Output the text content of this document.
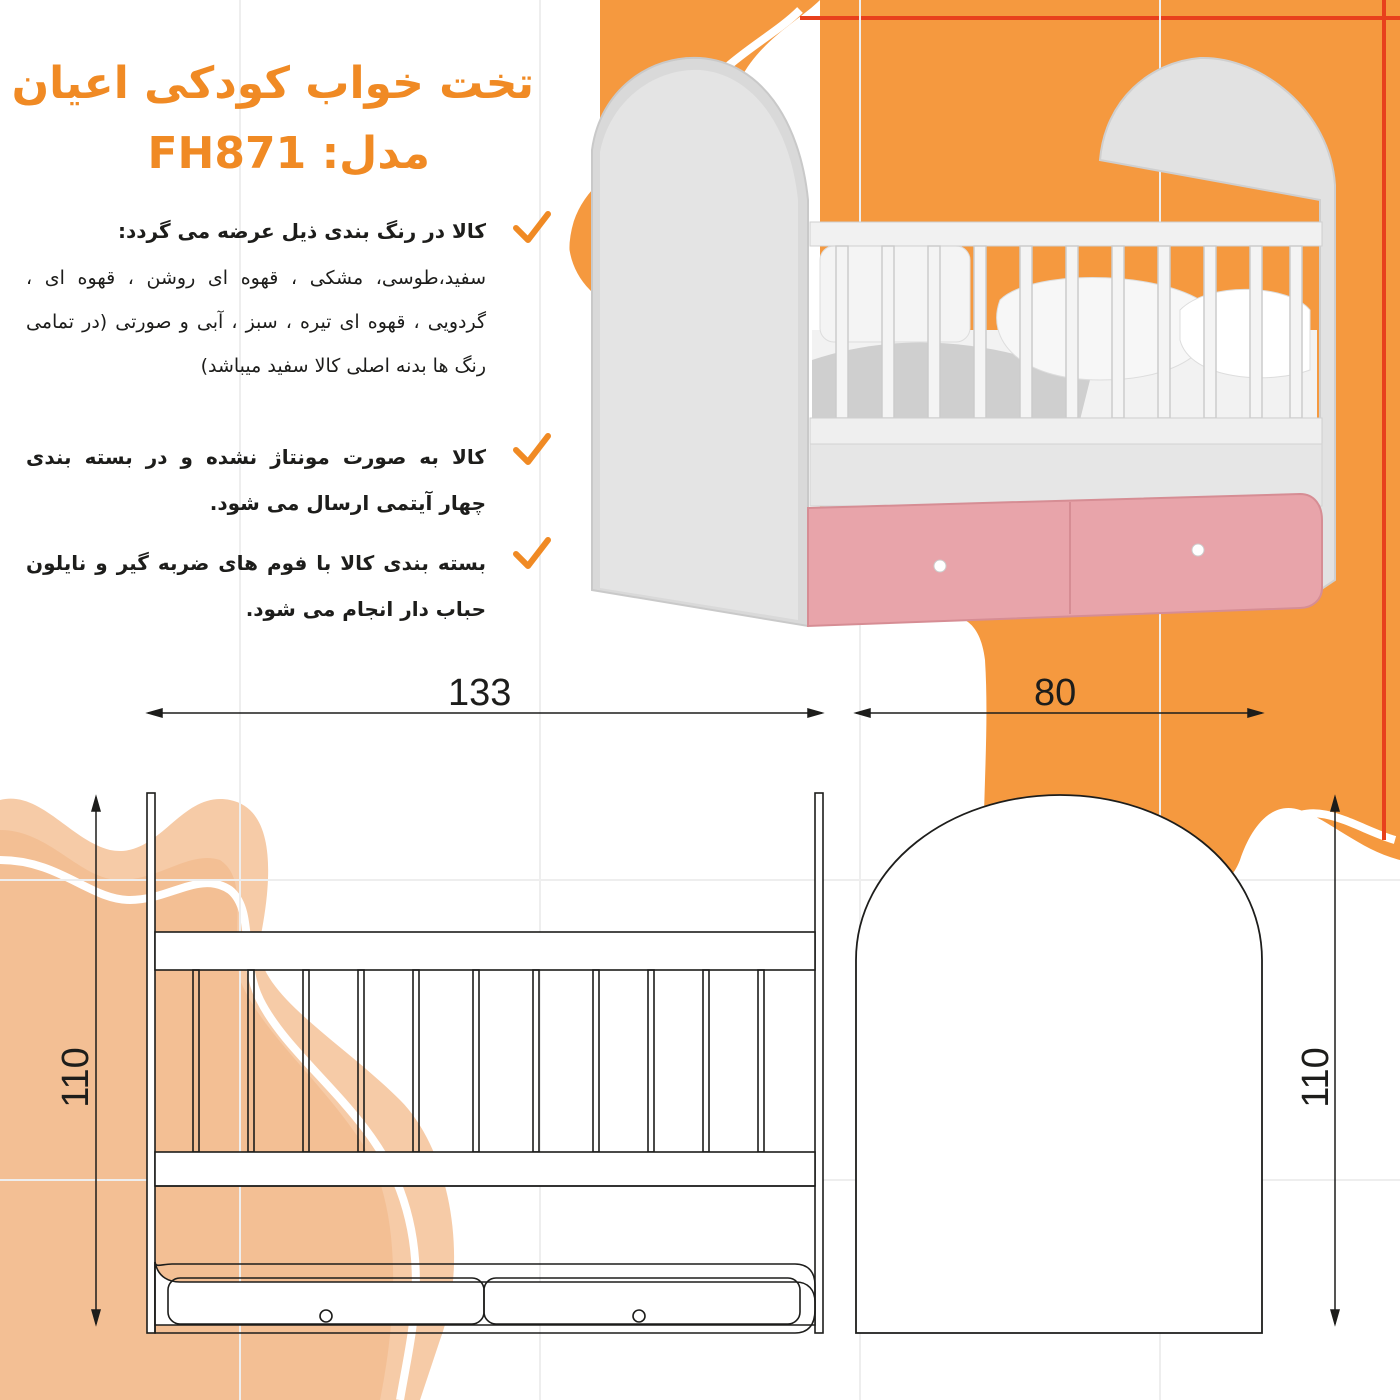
تخت خواب کودکی اعیان
مدل: FH871
کالا در رنگ بندی ذیل عرضه می گردد:
سفید،طوسی، مشکی ، قهوه ای روشن ، قهوه ای ، گردویی ، قهوه ای تیره ، سبز ، آبی و صورتی (در تمامی رنگ ها بدنه اصلی کالا سفید میباشد)
کالا به صورت مونتاژ نشده و در بسته بندی چهار آیتمی ارسال می شود.
بسته بندی کالا با فوم های ضربه گیر و نایلون حباب دار انجام می شود.
133	80
110	110
